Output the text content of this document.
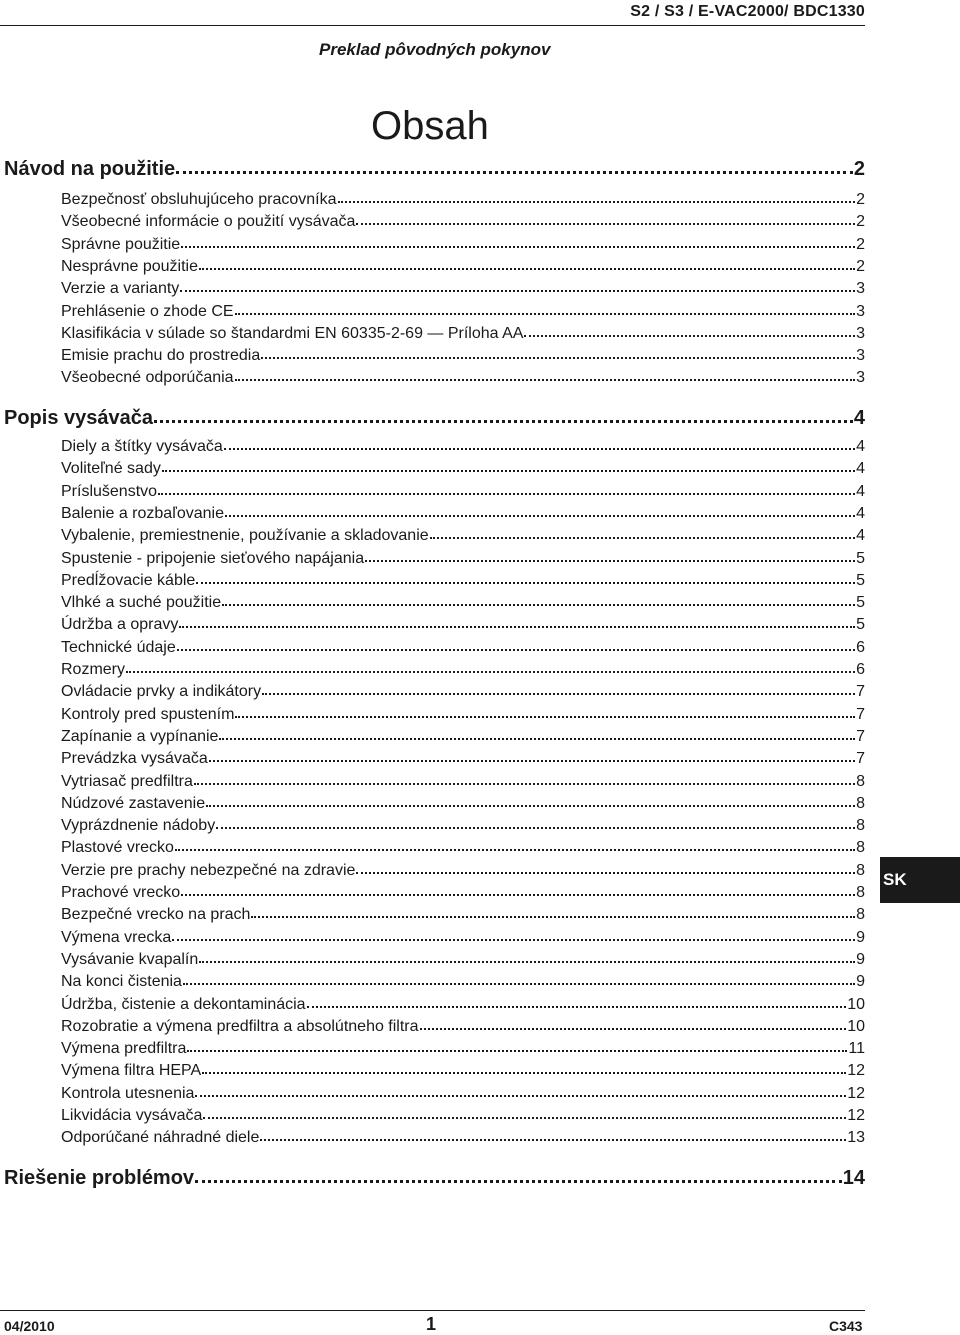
S2 / S3 / E-VAC2000/ BDC1330
Preklad pôvodných pokynov
Obsah
Návod na použitie	2
Bezpečnosť obsluhujúceho pracovníka	2
Všeobecné informácie o použití vysávača	2
Správne použitie	2
Nesprávne použitie	2
Verzie a varianty	3
Prehlásenie o zhode CE	3
Klasifikácia v súlade so štandardmi EN 60335-2-69 — Príloha AA	3
Emisie prachu do prostredia	3
Všeobecné odporúčania	3
Popis vysávača	4
Diely a štítky vysávača	4
Voliteľné sady	4
Príslušenstvo	4
Balenie a rozbaľovanie	4
Vybalenie, premiestnenie, používanie a skladovanie	4
Spustenie - pripojenie sieťového napájania	5
Predĺžovacie káble	5
Vlhké a suché použitie	5
Údržba a opravy	5
Technické údaje	6
Rozmery	6
Ovládacie prvky a indikátory	7
Kontroly pred spustením	7
Zapínanie a vypínanie	7
Prevádzka vysávača	7
Vytriasač predfiltra	8
Núdzové zastavenie	8
Vyprázdnenie nádoby	8
Plastové vrecko	8
Verzie pre prachy nebezpečné na zdravie	8
Prachové vrecko	8
Bezpečné vrecko na prach	8
Výmena vrecka	9
Vysávanie kvapalín	9
Na konci čistenia	9
Údržba, čistenie a dekontaminácia	10
Rozobratie a výmena predfiltra a absolútneho filtra	10
Výmena predfiltra	11
Výmena filtra HEPA	12
Kontrola utesnenia	12
Likvidácia vysávača	12
Odporúčané náhradné diele	13
Riešenie problémov	14
SK
04/2010	1	C343
